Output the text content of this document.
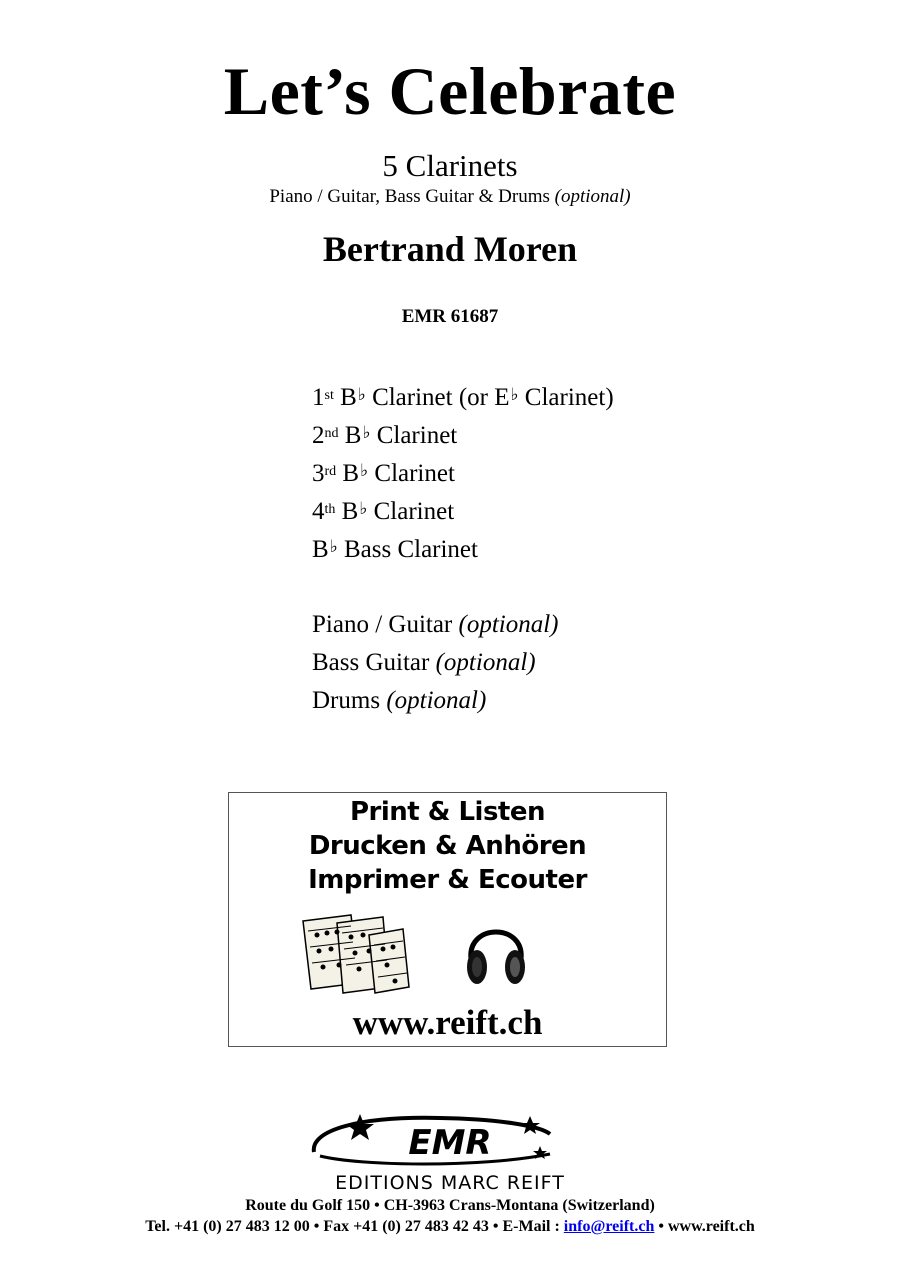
Let’s Celebrate
5 Clarinets
Piano / Guitar, Bass Guitar & Drums (optional)
Bertrand Moren
EMR 61687
1st B♭ Clarinet (or E♭ Clarinet)
2nd B♭ Clarinet
3rd B♭ Clarinet
4th B♭ Clarinet
B♭ Bass Clarinet
Piano / Guitar (optional)
Bass Guitar (optional)
Drums (optional)
Print & Listen
Drucken & Anhören
Imprimer & Ecouter
www.reift.ch
EMR
EDITIONS MARC REIFT
Route du Golf 150 • CH-3963 Crans-Montana (Switzerland)
Tel. +41 (0) 27 483 12 00 • Fax +41 (0) 27 483 42 43 • E-Mail : info@reift.ch • www.reift.ch
